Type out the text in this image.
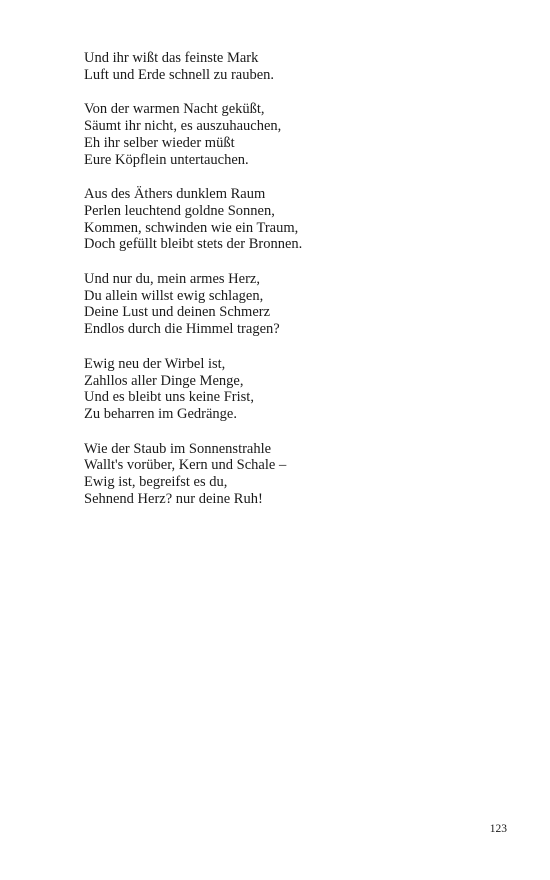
Und ihr wißt das feinste Mark
Luft und Erde schnell zu rauben.
Von der warmen Nacht geküßt,
Säumt ihr nicht, es auszuhauchen,
Eh ihr selber wieder müßt
Eure Köpflein untertauchen.
Aus des Äthers dunklem Raum
Perlen leuchtend goldne Sonnen,
Kommen, schwinden wie ein Traum,
Doch gefüllt bleibt stets der Bronnen.
Und nur du, mein armes Herz,
Du allein willst ewig schlagen,
Deine Lust und deinen Schmerz
Endlos durch die Himmel tragen?
Ewig neu der Wirbel ist,
Zahllos aller Dinge Menge,
Und es bleibt uns keine Frist,
Zu beharren im Gedränge.
Wie der Staub im Sonnenstrahle
Wallt's vorüber, Kern und Schale –
Ewig ist, begreifst es du,
Sehnend Herz? nur deine Ruh!
123
